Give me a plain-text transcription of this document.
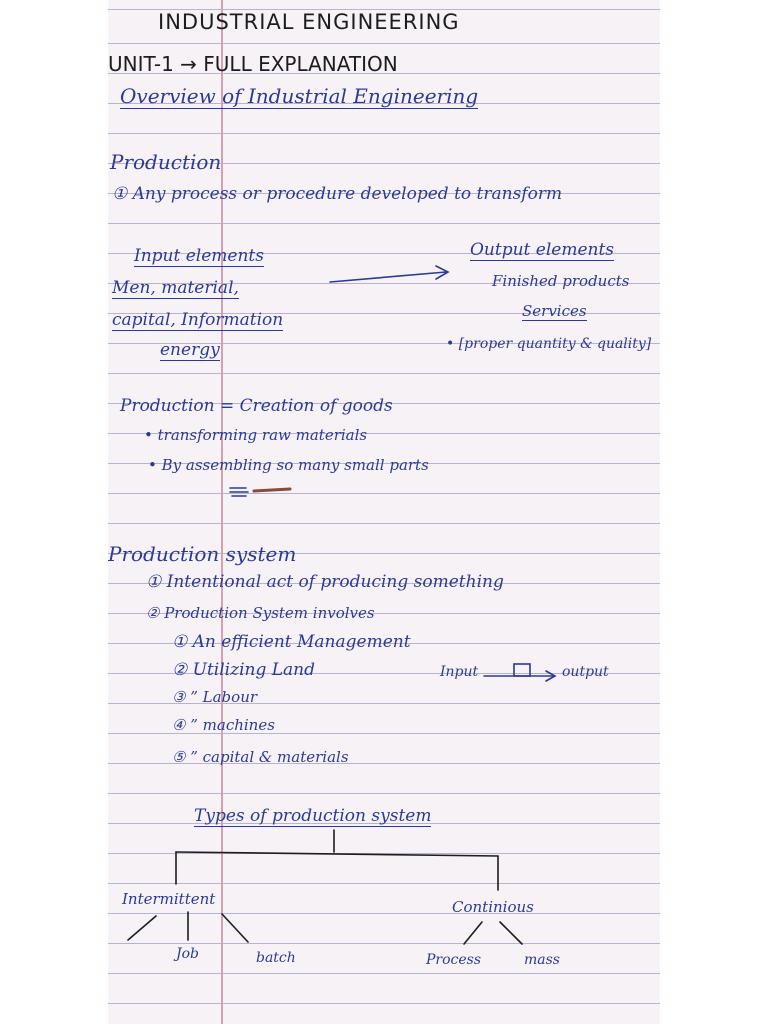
INDUSTRIAL ENGINEERING
UNIT-1 → FULL EXPLANATION
Overview of Industrial Engineering
Production
① Any process or procedure developed to transform
Input elements
Men, material,
capital, Information
energy
Output elements
Finished products
Services
• [proper quantity & quality]
Production = Creation of goods
• transforming raw materials
• By assembling so many small parts
Production system
① Intentional act of producing something
② Production System involves
① An efficient Management
② Utilizing Land
③ ” Labour
④ ” machines
⑤ ” capital & materials
Input	output
Types of production system
Intermittent	Continious
Job	batch	Process	mass
